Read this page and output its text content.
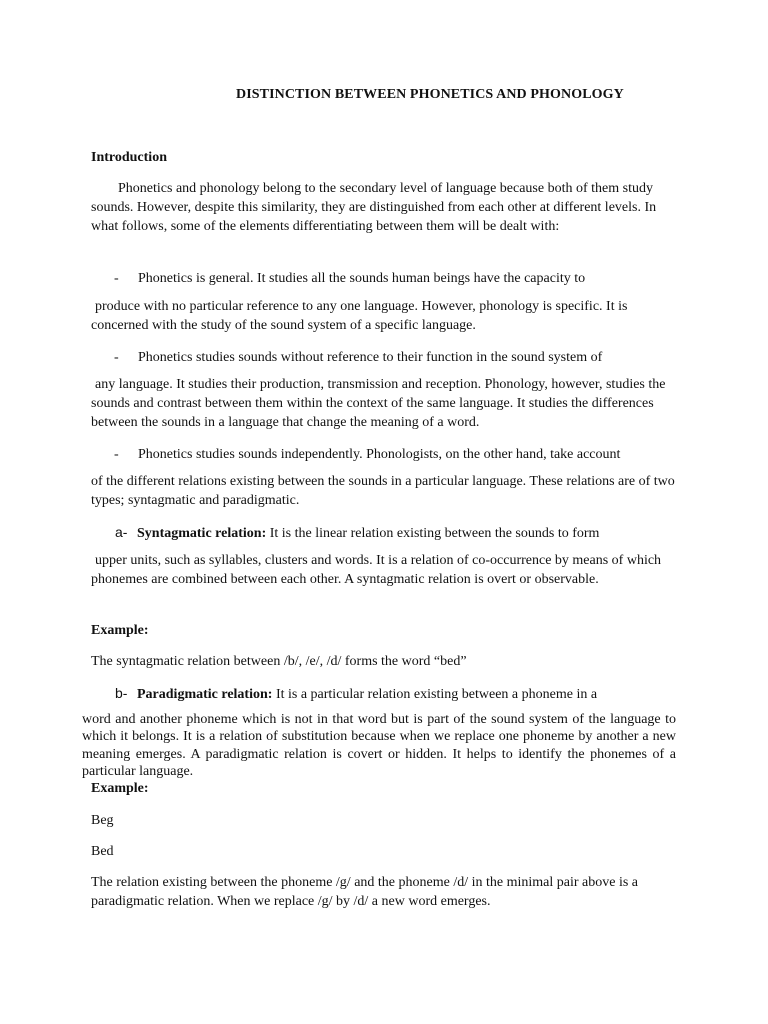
DISTINCTION BETWEEN PHONETICS AND PHONOLOGY
Introduction

Phonetics and phonology belong to the secondary level of language because both of them study sounds. However, despite this similarity, they are distinguished from each other at different levels. In what follows, some of the elements differentiating between them will be dealt with:

- Phonetics is general. It studies all the sounds human beings have the capacity to

produce with no particular reference to any one language. However, phonology is specific. It is concerned with the study of the sound system of a specific language.

- Phonetics studies sounds without reference to their function in the sound system of

any language. It studies their production, transmission and reception. Phonology, however, studies the sounds and contrast between them within the context of the same language. It studies the differences between the sounds in a language that change the meaning of a word.

- Phonetics studies sounds independently. Phonologists, on the other hand, take account

of the different relations existing between the sounds in a particular language. These relations are of two types; syntagmatic and paradigmatic.

a- Syntagmatic relation: It is the linear relation existing between the sounds to form

upper units, such as syllables, clusters and words. It is a relation of co-occurrence by means of which phonemes are combined between each other. A syntagmatic relation is overt or observable.

Example:
The syntagmatic relation between /b/, /e/, /d/ forms the word “bed”
b- Paradigmatic relation: It is a particular relation existing between a phoneme in a

word and another phoneme which is not in that word but is part of the sound system of the language to which it belongs. It is a relation of substitution because when we replace one phoneme by another a new meaning emerges. A paradigmatic relation is covert or hidden. It helps to identify the phonemes of a particular language.

Example:
Beg
Bed

The relation existing between the phoneme /g/ and the phoneme /d/ in the minimal pair above is a paradigmatic relation. When we replace /g/ by /d/ a new word emerges.
